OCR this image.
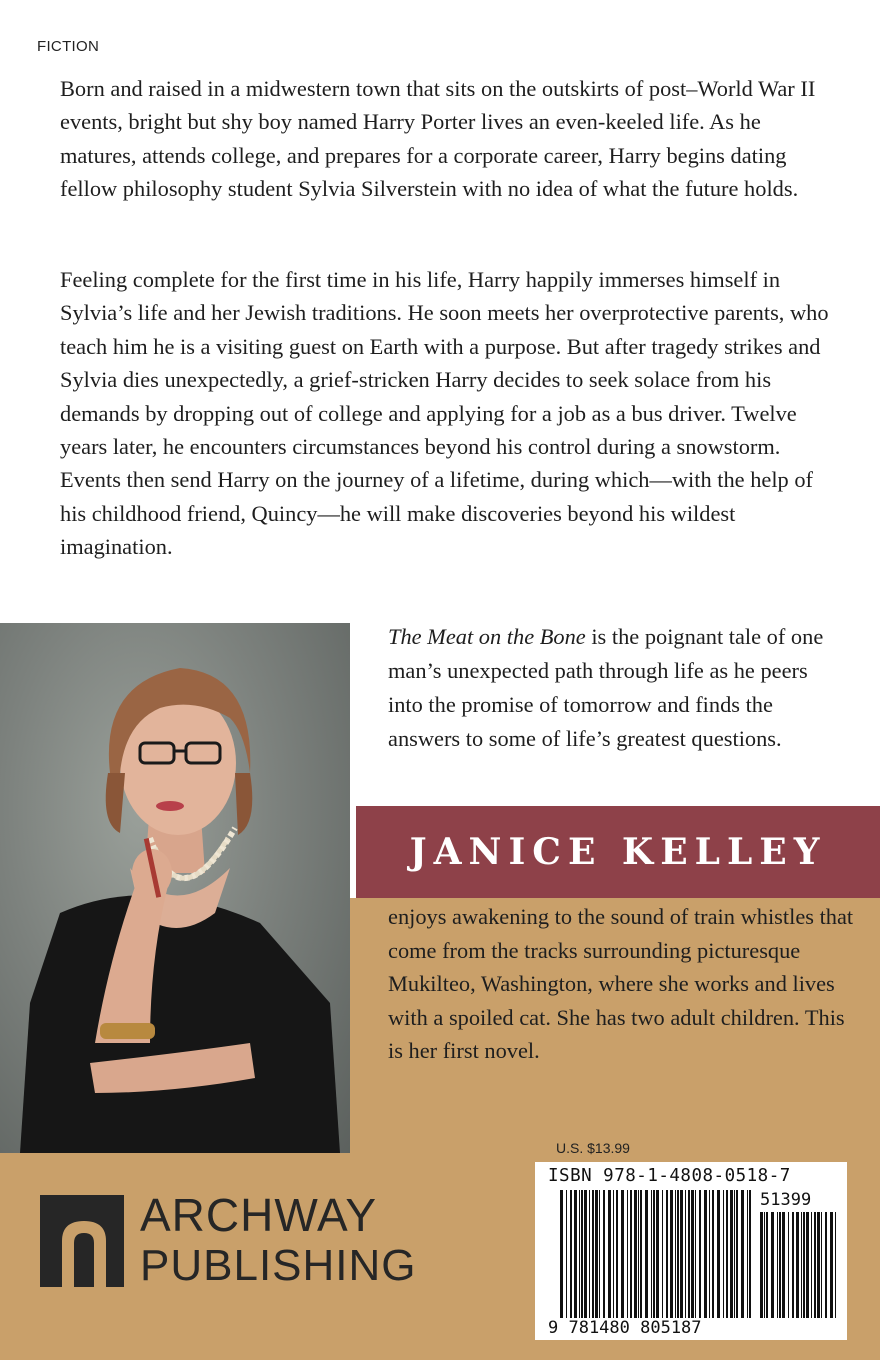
FICTION

Born and raised in a midwestern town that sits on the outskirts of post–World War II events, bright but shy boy named Harry Porter lives an even-keeled life. As he matures, attends college, and prepares for a corporate career, Harry begins dating fellow philosophy student Sylvia Silverstein with no idea of what the future holds.

Feeling complete for the first time in his life, Harry happily immerses himself in Sylvia’s life and her Jewish traditions. He soon meets her overprotective parents, who teach him he is a visiting guest on Earth with a purpose. But after tragedy strikes and Sylvia dies unexpectedly, a grief-stricken Harry decides to seek solace from his demands by dropping out of college and applying for a job as a bus driver. Twelve years later, he encounters circumstances beyond his control during a snowstorm. Events then send Harry on the journey of a lifetime, during which—with the help of his childhood friend, Quincy—he will make discoveries beyond his wildest imagination.

The Meat on the Bone is the poignant tale of one man’s unexpected path through life as he peers into the promise of tomorrow and finds the answers to some of life’s greatest questions.

JANICE KELLEY

enjoys awakening to the sound of train whistles that come from the tracks surrounding picturesque Mukilteo, Washington, where she works and lives with a spoiled cat. She has two adult children. This is her first novel.

ARCHWAY
PUBLISHING
U.S. $13.99
ISBN 978-1-4808-0518-7
51399
9 781480 805187
